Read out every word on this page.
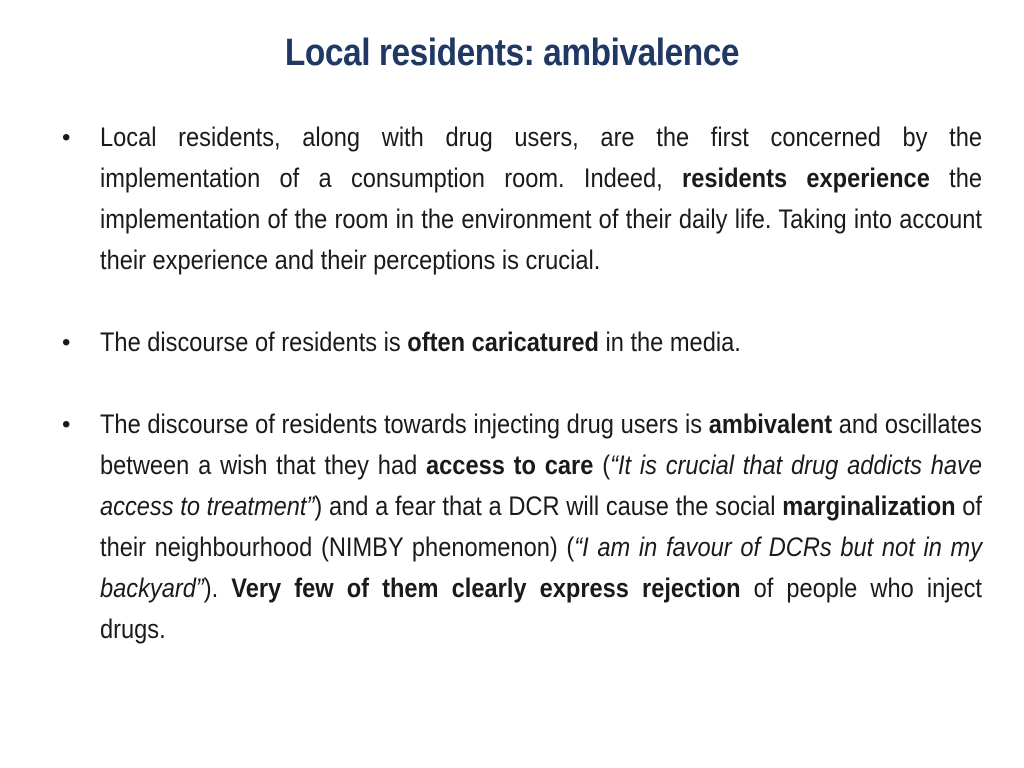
Local residents: ambivalence
• Local residents, along with drug users, are the first concerned by the implementation of a consumption room. Indeed, residents experience the implementation of the room in the environment of their daily life. Taking into account their experience and their perceptions is crucial.
• The discourse of residents is often caricatured in the media.
• The discourse of residents towards injecting drug users is ambivalent and oscillates between a wish that they had access to care (“It is crucial that drug addicts have access to treatment”) and a fear that a DCR will cause the social marginalization of their neighbourhood (NIMBY phenomenon) (“I am in favour of DCRs but not in my backyard”). Very few of them clearly express rejection of people who inject drugs.
